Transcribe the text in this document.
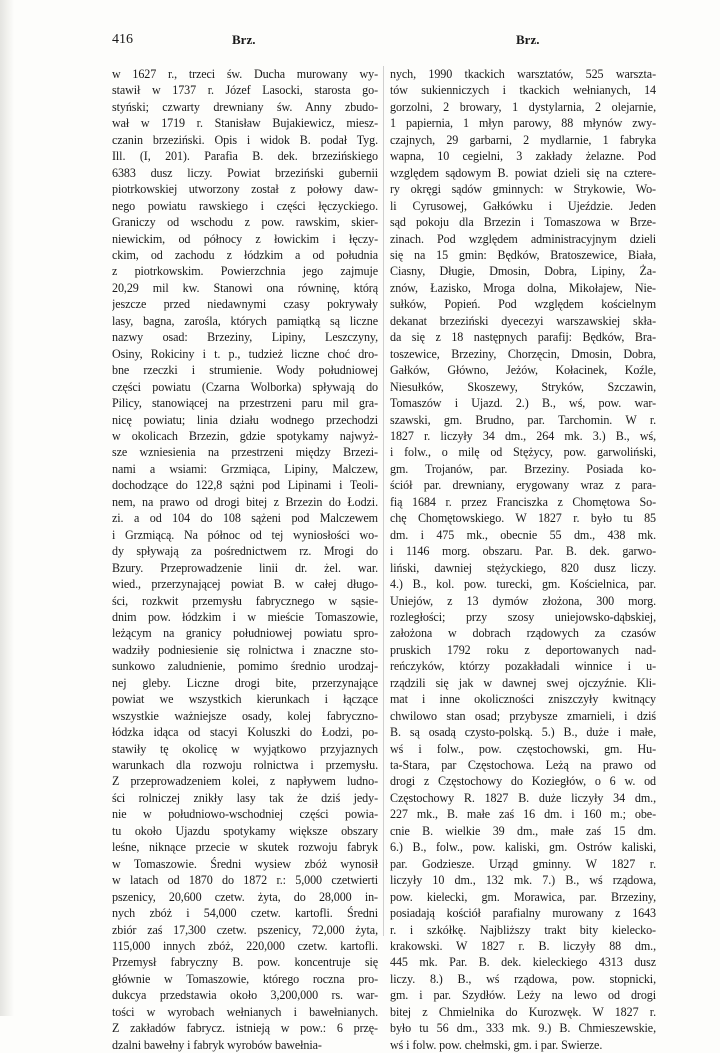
416	Brz.	Brz.
w 1627 r., trzeci św. Ducha murowany wy-
stawił w 1737 r. Józef Lasocki, starosta go-
styński; czwarty drewniany św. Anny zbudo-
wał w 1719 r. Stanisław Bujakiewicz, miesz-
czanin brzeziński. Opis i widok B. podał Tyg.
Ill. (I, 201). Parafia B. dek. brzezińskiego
6383 dusz liczy. Powiat brzeziński gubernii
piotrkowskiej utworzony został z połowy daw-
nego powiatu rawskiego i części łęczyckiego.
Graniczy od wschodu z pow. rawskim, skier-
niewickim, od północy z łowickim i łęczy-
ckim, od zachodu z łódzkim a od południa
z piotrkowskim. Powierzchnia jego zajmuje
20,29 mil kw. Stanowi ona równinę, którą
jeszcze przed niedawnymi czasy pokrywały
lasy, bagna, zarośla, których pamiątką są liczne
nazwy osad: Brzeziny, Lipiny, Leszczyny,
Osiny, Rokiciny i t. p., tudzież liczne choć dro-
bne rzeczki i strumienie. Wody południowej
części powiatu (Czarna Wolborka) spływają do
Pilicy, stanowiącej na przestrzeni paru mil gra-
nicę powiatu; linia działu wodnego przechodzi
w okolicach Brzezin, gdzie spotykamy najwyż-
sze wzniesienia na przestrzeni między Brzezi-
nami a wsiami: Grzmiąca, Lipiny, Malczew,
dochodzące do 122,8 sążni pod Lipinami i Teoli-
nem, na prawo od drogi bitej z Brzezin do Łodzi.
zi. a od 104 do 108 sążeni pod Malczewem
i Grzmiącą. Na północ od tej wyniosłości wo-
dy spływają za pośrednictwem rz. Mrogi do
Bzury. Przeprowadzenie linii dr. żel. war.
wied., przerzynającej powiat B. w całej długo-
ści, rozkwit przemysłu fabrycznego w sąsie-
dnim pow. łódzkim i w mieście Tomaszowie,
leżącym na granicy południowej powiatu spro-
wadziły podniesienie się rolnictwa i znaczne sto-
sunkowo zaludnienie, pomimo średnio urodzaj-
nej gleby. Liczne drogi bite, przerzynające
powiat we wszystkich kierunkach i łączące
wszystkie ważniejsze osady, kolej fabryczno-
łódzka idąca od stacyi Koluszki do Łodzi, po-
stawiły tę okolicę w wyjątkowo przyjaznych
warunkach dla rozwoju rolnictwa i przemysłu.
Z przeprowadzeniem kolei, z napływem ludno-
ści rolniczej znikły lasy tak że dziś jedy-
nie w południowo-wschodniej części powia-
tu około Ujazdu spotykamy większe obszary
leśne, niknące przecie w skutek rozwoju fabryk
w Tomaszowie. Średni wysiew zbóż wynosił
w latach od 1870 do 1872 r.: 5,000 czetwierti
pszenicy, 20,600 czetw. żyta, do 28,000 in-
nych zbóż i 54,000 czetw. kartofli. Średni
zbiór zaś 17,300 czetw. pszenicy, 72,000 żyta,
115,000 innych zbóż, 220,000 czetw. kartofli.
Przemysł fabryczny B. pow. koncentruje się
głównie w Tomaszowie, którego roczna pro-
dukcya przedstawia około 3,200,000 rs. war-
tości w wyrobach wełnianych i bawełnianych.
Z zakładów fabrycz. istnieją w pow.: 6 przę-
dzalni bawełny i fabryk wyrobów bawełnia-
nych, 1990 tkackich warsztatów, 525 warszta-
tów sukienniczych i tkackich wełnianych, 14
gorzolni, 2 browary, 1 dystylarnia, 2 olejarnie,
1 papiernia, 1 młyn parowy, 88 młynów zwy-
czajnych, 29 garbarni, 2 mydlarnie, 1 fabryka
wapna, 10 cegielni, 3 zakłady żelazne. Pod
względem sądowym B. powiat dzieli się na cztere-
ry okręgi sądów gminnych: w Strykowie, Wo-
li Cyrusowej, Gałkówku i Ujeździe. Jeden
sąd pokoju dla Brzezin i Tomaszowa w Brze-
zinach. Pod względem administracyjnym dzieli
się na 15 gmin: Będków, Bratoszewice, Biała,
Ciasny, Długie, Dmosin, Dobra, Lipiny, Ża-
znów, Łazisko, Mroga dolna, Mikołajew, Nie-
sułków, Popień. Pod względem kościelnym
dekanat brzeziński dyecezyi warszawskiej skła-
da się z 18 następnych parafij: Będków, Bra-
toszewice, Brzeziny, Chorzęcin, Dmosin, Dobra,
Gałków, Główno, Jeżów, Kołacinek, Koźle,
Niesułków, Skoszewy, Stryków, Szczawin,
Tomaszów i Ujazd. 2.) B., wś, pow. war-
szawski, gm. Brudno, par. Tarchomin. W r.
1827 r. liczyły 34 dm., 264 mk. 3.) B., wś,
i folw., o milę od Stężycy, pow. garwoliński,
gm. Trojanów, par. Brzeziny. Posiada ko-
ściół par. drewniany, erygowany wraz z para-
fią 1684 r. przez Franciszka z Chomętowa So-
chę Chomętowskiego. W 1827 r. było tu 85
dm. i 475 mk., obecnie 55 dm., 438 mk.
i 1146 morg. obszaru. Par. B. dek. garwo-
liński, dawniej stężyckiego, 820 dusz liczy.
4.) B., kol. pow. turecki, gm. Kościelnica, par.
Uniejów, z 13 dymów złożona, 300 morg.
rozległości; przy szosy uniejowsko-dąbskiej,
założona w dobrach rządowych za czasów
pruskich 1792 roku z deportowanych nad-
reńczyków, którzy pozakładali winnice i u-
rządzili się jak w dawnej swej ojczyźnie. Kli-
mat i inne okoliczności zniszczyły kwitnący
chwilowo stan osad; przybysze zmarnieli, i dziś
B. są osadą czysto-polską. 5.) B., duże i małe,
wś i folw., pow. częstochowski, gm. Hu-
ta-Stara, par Częstochowa. Leżą na prawo od
drogi z Częstochowy do Koziegłów, o 6 w. od
Częstochowy R. 1827 B. duże liczyły 34 dm.,
227 mk., B. małe zaś 16 dm. i 160 m.; obe-
cnie B. wielkie 39 dm., małe zaś 15 dm.
6.) B., folw., pow. kaliski, gm. Ostrów kaliski,
par. Godziesze. Urząd gminny. W 1827 r.
liczyły 10 dm., 132 mk. 7.) B., wś rządowa,
pow. kielecki, gm. Morawica, par. Brzeziny,
posiadają kościół parafialny murowany z 1643
r. i szkółkę. Najbliższy trakt bity kielecko-
krakowski. W 1827 r. B. liczyły 88 dm.,
445 mk. Par. B. dek. kieleckiego 4313 dusz
liczy. 8.) B., wś rządowa, pow. stopnicki,
gm. i par. Szydłów. Leży na lewo od drogi
bitej z Chmielnika do Kurozwęk. W 1827 r.
było tu 56 dm., 333 mk. 9.) B. Chmieszewskie,
wś i folw. pow. chełmski, gm. i par. Swierze.
